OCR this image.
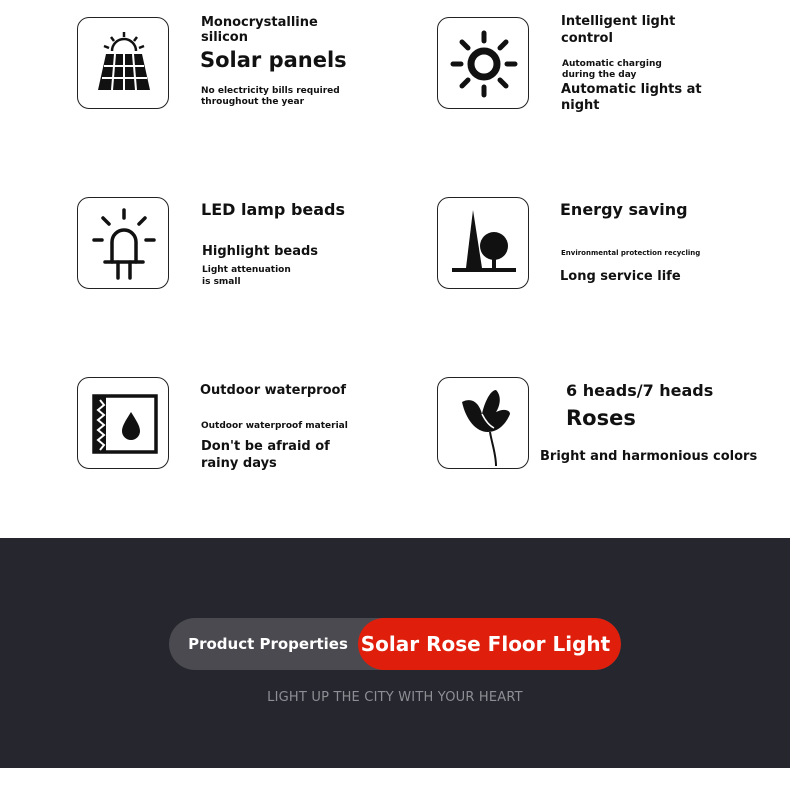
Monocrystalline
silicon
Solar panels
No electricity bills required
throughout the year
Intelligent light
control
Automatic charging
during the day
Automatic lights at
night
LED lamp beads
Highlight beads
Light attenuation
is small
Energy saving
Environmental protection recycling
Long service life
Outdoor waterproof
Outdoor waterproof material
Don't be afraid of
rainy days
6 heads/7 heads
Roses
Bright and harmonious colors
Product Properties Solar Rose Floor Light
LIGHT UP THE CITY WITH YOUR HEART
